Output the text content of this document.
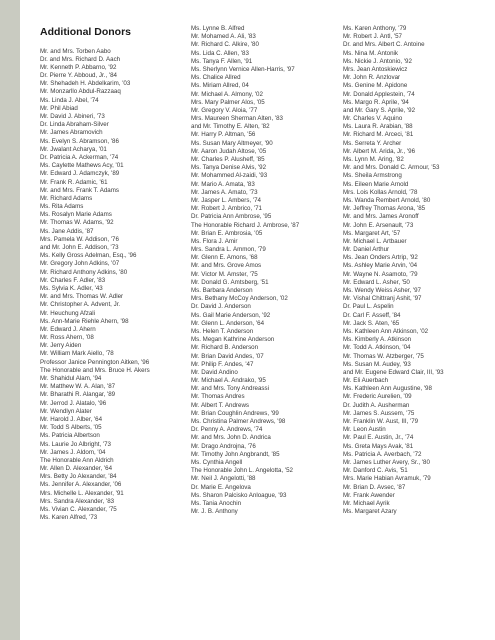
Additional Donors
Mr. and Mrs. Torben Aabo
Dr. and Mrs. Richard D. Aach
Mr. Kenneth P. Abbarno, '92
Dr. Pierre Y. Abboud, Jr., '84
Mr. Shehadeh H. Abdelkarim, '03
Mr. Monzarllo Abdul-Razzaaq
Ms. Linda J. Abel, '74
Mr. Phil Abiad
Mr. David J. Abineri, '73
Dr. Linda Abraham-Silver
Mr. James Abramovich
Ms. Evelyn S. Abramson, '86
Mr. Jwalant Acharya, '01
Dr. Patricia A. Ackerman, '74
Ms. Caylette Mathews Acy, '01
Mr. Edward J. Adamczyk, '89
Mr. Frank R. Adamic, '61
Mr. and Mrs. Frank T. Adams
Mr. Richard Adams
Ms. Rita Adams
Ms. Rosalyn Marie Adams
Mr. Thomas W. Adams, '92
Ms. Jane Addis, '87
Mrs. Pamela W. Addison, '76
and Mr. John E. Addison, '73
Ms. Kelly Gross Adelman, Esq., '96
Mr. Gregory John Adkins, '07
Mr. Richard Anthony Adkins, '80
Mr. Charles F. Adler, '83
Ms. Sylvia K. Adler, '43
Mr. and Mrs. Thomas W. Adler
Mr. Christopher A. Advent, Jr.
Mr. Heuchung Afzali
Ms. Ann-Marie Riehle Ahern, '98
Mr. Edward J. Ahern
Mr. Ross Ahern, '08
Mr. Jerry Aiden
Mr. William Mark Aiello, '78
Professor Janice Pennington Aitken, '96
The Honorable and Mrs. Bruce H. Akers
Mr. Shahidul Alam, '94
Mr. Matthew W. A. Alan, '87
Mr. Bharathi R. Alangar, '89
Mr. Jerrod J. Alatalo, '96
Mr. Wendlyn Alater
Mr. Harold J. Alber, '64
Mr. Todd S Alberts, '05
Ms. Patricia Albertson
Ms. Laurie Jo Albright, '73
Mr. James J. Aldom, '04
The Honorable Ann Aldrich
Mr. Allen D. Alexander, '64
Mrs. Betty Jo Alexander, '84
Ms. Jennifer A. Alexander, '06
Mrs. Michelle L. Alexander, '91
Mrs. Sandra Alexander, '83
Ms. Vivian C. Alexander, '75
Ms. Karen Alfred, '73
Ms. Lynne B. Alfred
Mr. Mohamed A. Ali, '83
Mr. Richard C. Alkire, '80
Ms. Lida C. Allen, '83
Ms. Tanya F. Allen, '91
Ms. Sherlynn Vernice Allen-Harris, '97
Ms. Chalice Allred
Ms. Miriam Allred, 04
Mr. Michael A. Almony, '02
Mrs. Mary Palmer Alos, '05
Mr. Gregory V. Aloia, '77
Mrs. Maureen Sherman Alten, '83
and Mr. Timothy E. Alten, '82
Mr. Harry P. Altman, '56
Ms. Susan Mary Altmeyer, '90
Mr. Aaron Judah Altose, '05
Mr. Charles P. Alusheff, '85
Ms. Tanya Denise Alvis, '92
Mr. Mohammed Al-zaidi, '93
Mr. Mario A. Amata, '83
Mr. James A. Amato, '73
Mr. Jasper L. Ambers, '74
Mr. Robert J. Ambrico, '71
Dr. Patricia Ann Ambrose, '95
The Honorable Richard J. Ambrose, '87
Mr. Brian E. Ambrosia, '05
Ms. Flora J. Amir
Mrs. Sandra L. Ammon, '79
Mr. Glenn E. Amons, '68
Mr. and Mrs. Grove Amos
Mr. Victor M. Amster, '75
Mr. Donald G. Amtsberg, '51
Ms. Barbara Anderson
Mrs. Bethany McCoy Anderson, '02
Dr. David J. Anderson
Ms. Gail Marie Anderson, '92
Mr. Glenn L. Anderson, '64
Ms. Helen T. Anderson
Ms. Megan Kathrine Anderson
Mr. Richard B. Anderson
Mr. Brian David Andes, '07
Mr. Philip F. Andes, '47
Mr. David Andino
Mr. Michael A. Andrako, '95
Mr. and Mrs. Tony Andreassi
Mr. Thomas Andres
Mr. Albert T. Andrews
Mr. Brian Coughlin Andrews, '99
Ms. Christina Palmer Andrews, '98
Dr. Penny A. Andrews, '74
Mr. and Mrs. John D. Andrica
Mr. Drago Androjna, '76
Mr. Timothy John Angbrandt, '85
Ms. Cynthia Angell
The Honorable John L. Angelotta, '52
Mr. Neil J. Angelotti, '88
Dr. Marie E. Angelova
Ms. Sharon Palcisko Anloague, '93
Ms. Tania Anochin
Mr. J. B. Anthony
Ms. Karen Anthony, '79
Mr. Robert J. Antl, '57
Dr. and Mrs. Albert C. Antoine
Ms. Nina M. Antonik
Ms. Nickie J. Antonio, '92
Mrs. Jean Antoskiewicz
Mr. John R. Anzlovar
Ms. Genine M. Apidone
Mr. Donald Applestein, '74
Ms. Margo R. Aprile, '94
and Mr. Gary S. Aprile, '92
Mr. Charles V. Aquino
Ms. Laura R. Arabian, '88
Mr. Richard M. Arceci, '81
Ms. Serreta Y. Archer
Mr. Albert M. Arida, Jr., '96
Ms. Lynn M. Aring, '82
Mr. and Mrs. Donald C. Armour, '53
Ms. Sheila Armstrong
Ms. Eileen Marie Arnold
Mrs. Lois Kollas Arnold, '78
Ms. Wanda Rembert Arnold, '80
Mr. Jeffrey Thomas Arona, '85
Mr. and Mrs. James Aronoff
Mr. John E. Arsenault, '73
Ms. Margaret Art, '57
Mr. Michael L. Artbauer
Mr. Daniel Arthur
Ms. Jean Onders Artrip, '92
Ms. Ashley Marie Arvin, '04
Mr. Wayne N. Asamoto, '79
Mr. Edward L. Asher, '50
Ms. Wendy Weiss Asher, '97
Mr. Vishal Chittranj Ashit, '97
Dr. Paul L. Aspelin
Dr. Carl F. Asseff, '84
Mr. Jack S. Aten, '65
Ms. Kathleen Ann Atkinson, '02
Ms. Kimberly A. Atkinson
Mr. Todd A. Atkinson, '04
Mr. Thomas W. Atzberger, '75
Ms. Susan M. Audey, '93
and Mr. Eugene Edward Clair, III, '93
Mr. Eli Auerbach
Ms. Kathleen Ann Augustine, '98
Mr. Frederic Aurelien, '09
Dr. Judith A. Ausherman
Mr. James S. Aussem, '75
Mr. Franklin W. Aust, III, '79
Mr. Leon Austin
Mr. Paul E. Austin, Jr., '74
Ms. Greta Mays Avak, '81
Ms. Patricia A. Averbach, '72
Mr. James Luther Avery, Sr., '80
Mr. Danford C. Avis, '51
Mrs. Marie Habian Avramuk, '79
Mr. Brian D. Avsec, '87
Mr. Frank Awender
Mr. Michael Ayrik
Ms. Margaret Azary
